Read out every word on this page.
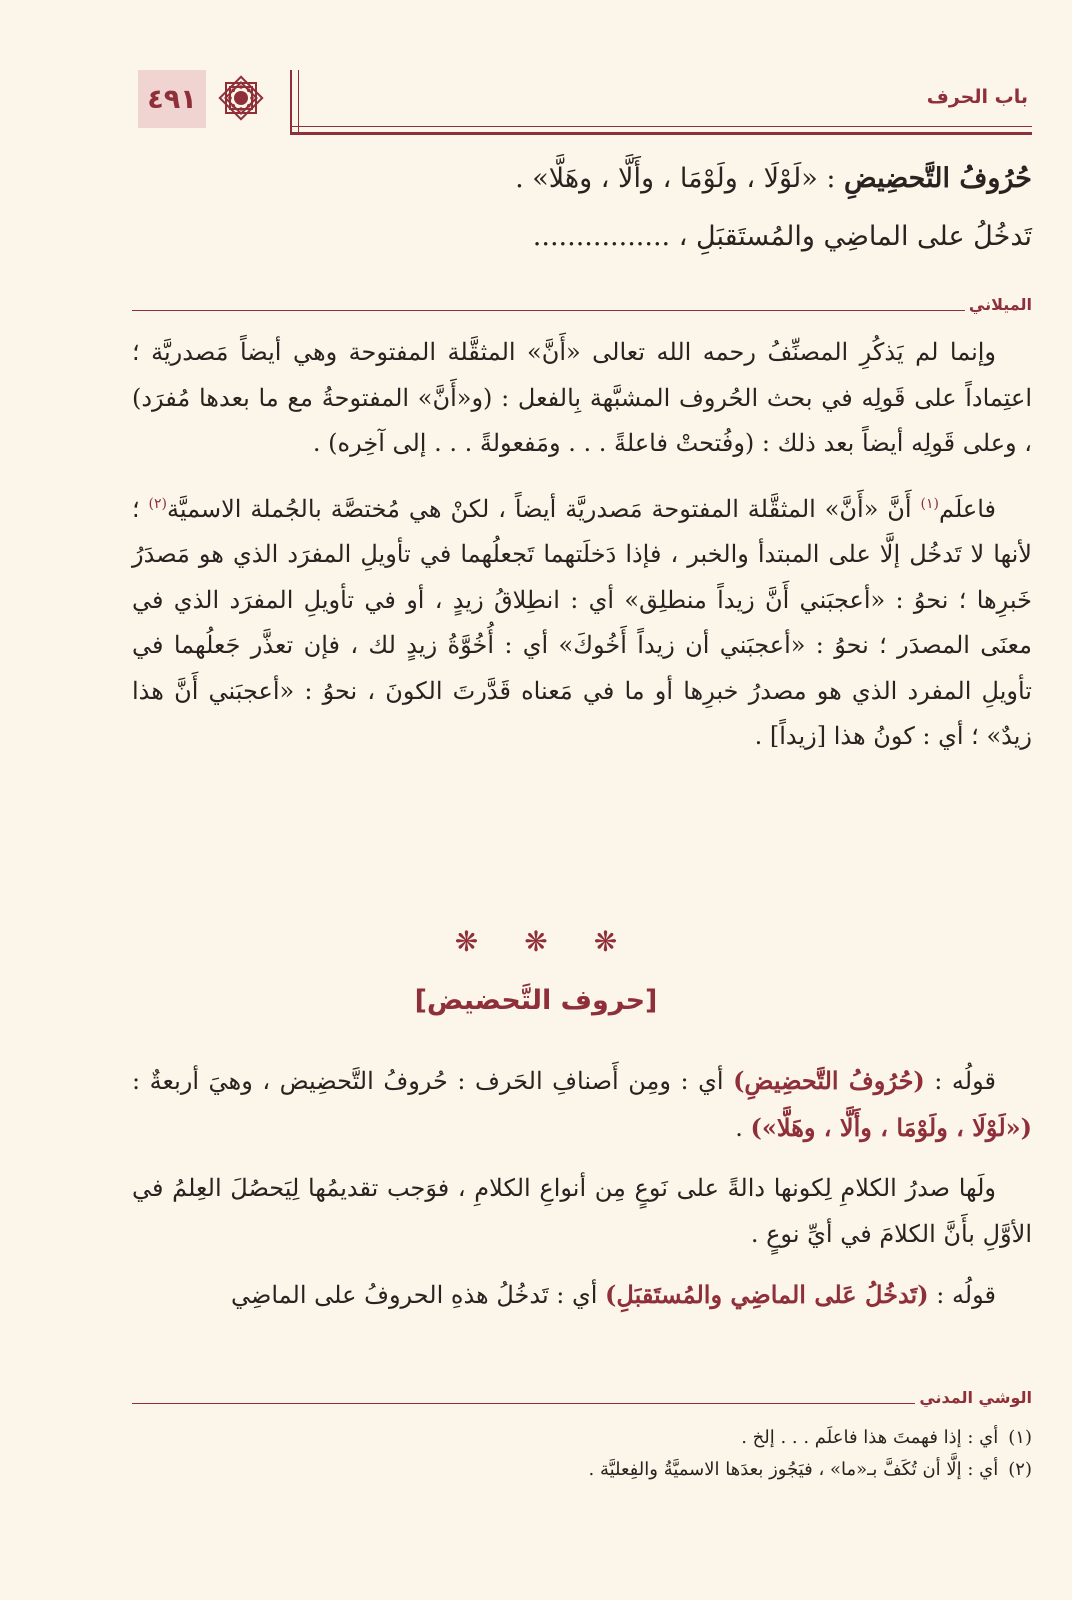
٤٩١	باب الحرف
حُرُوفُ التَّحضِيضِ : «لَوْلَا ، ولَوْمَا ، وأَلَّا ، وهَلَّا» .
تَدخُلُ على الماضِي والمُستَقبَلِ ، ................
الميلاني

وإنما لم يَذكُرِ المصنِّفُ رحمه الله تعالى «أَنَّ» المثقَّلة المفتوحة وهي أيضاً مَصدريَّة ؛ اعتِماداً على قَولِه في بحث الحُروف المشبَّهة بِالفعل : (و«أَنَّ» المفتوحةُ مع ما بعدها مُفرَد) ، وعلى قَولِه أيضاً بعد ذلك : (وفُتحتْ فاعلةً . . . ومَفعولةً . . . إلى آخِره) .

فاعلَم$^{(١)}$ أَنَّ «أَنَّ» المثقَّلة المفتوحة مَصدريَّة أيضاً ، لكنْ هي مُختصَّة بالجُملة الاسميَّة$^{(٢)}$ ؛ لأنها لا تَدخُل إلَّا على المبتدأ والخبر ، فإذا دَخلَتهما تَجعلُهما في تأويلِ المفرَد الذي هو مَصدَرُ خَبرِها ؛ نحوُ : «أعجبَني أَنَّ زيداً منطلِق» أي : انطِلاقُ زيدٍ ، أو في تأويلِ المفرَد الذي في معنَى المصدَر ؛ نحوُ : «أعجبَني أن زيداً أَخُوكَ» أي : أُخُوَّةُ زيدٍ لك ، فإن تعذَّر جَعلُهما في تأويلِ المفرد الذي هو مصدرُ خبرِها أو ما في مَعناه قَدَّرتَ الكونَ ، نحوُ : «أعجبَني أَنَّ هذا زيدٌ» ؛ أي : كونُ هذا [زيداً] .

❋❋❋
[حروف التَّحضيض]

قولُه : (حُرُوفُ التَّحضِيضِ) أي : ومِن أَصنافِ الحَرف : حُروفُ التَّحضِيض ، وهيَ أربعةٌ : («لَوْلَا ، ولَوْمَا ، وأَلَّا ، وهَلَّا») .

ولَها صدرُ الكلامِ لِكونها دالةً على نَوعٍ مِن أنواعِ الكلامِ ، فوَجب تقديمُها لِيَحصُلَ العِلمُ في الأوَّلِ بأَنَّ الكلامَ في أيِّ نوعٍ .

قولُه : (تَدخُلُ عَلى الماضِي والمُستَقبَلِ) أي : تَدخُلُ هذهِ الحروفُ على الماضِي

الوشي المدني
(١)أي : إذا فهمتَ هذا فاعلَم . . . إلخ .
(٢)أي : إلَّا أن تُكَفَّ بـ«ما» ، فيَجُوز بعدَها الاسميَّةُ والفِعليَّة .
